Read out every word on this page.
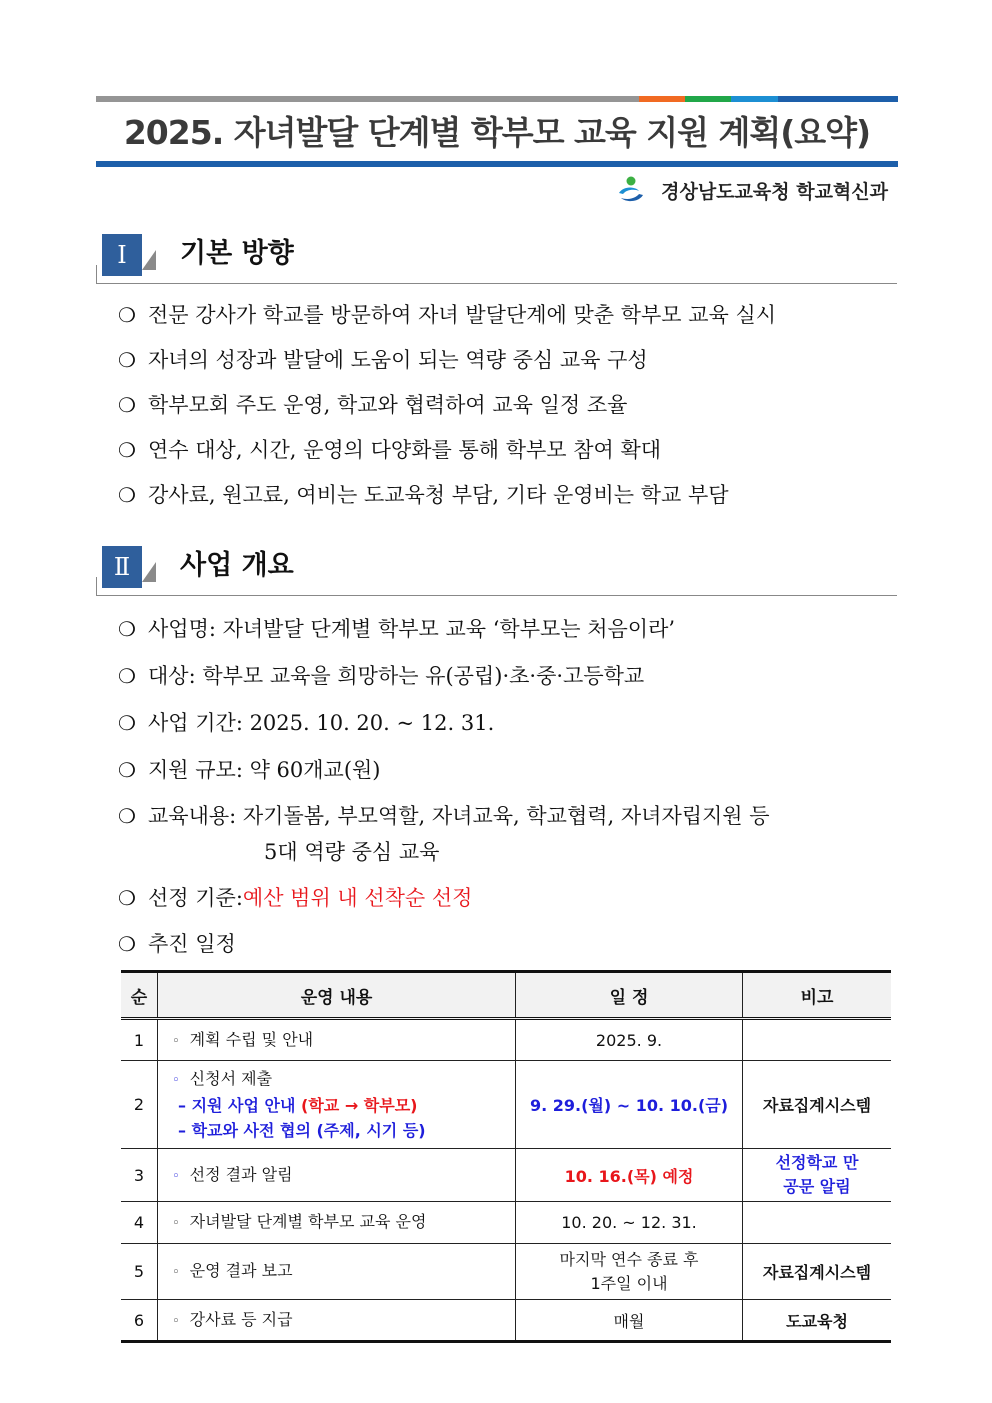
2025. 자녀발달 단계별 학부모 교육 지원 계획(요약)
경상남도교육청 학교혁신과
Ⅰ	기본 방향
❍ 전문 강사가 학교를 방문하여 자녀 발달단계에 맞춘 학부모 교육 실시
❍ 자녀의 성장과 발달에 도움이 되는 역량 중심 교육 구성
❍ 학부모회 주도 운영, 학교와 협력하여 교육 일정 조율
❍ 연수 대상, 시간, 운영의 다양화를 통해 학부모 참여 확대
❍ 강사료, 원고료, 여비는 도교육청 부담, 기타 운영비는 학교 부담
Ⅱ	사업 개요
❍ 사업명: 자녀발달 단계별 학부모 교육 ‘학부모는 처음이라’
❍ 대상: 학부모 교육을 희망하는 유(공립)·초·중·고등학교
❍ 사업 기간: 2025. 10. 20. ~ 12. 31.
❍ 지원 규모: 약 60개교(원)
❍ 교육내용: 자기돌봄, 부모역할, 자녀교육, 학교협력, 자녀자립지원 등
5대 역량 중심 교육
❍ 선정 기준: 예산 범위 내 선착순 선정
❍ 추진 일정
순	운영 내용	일 정	비고
1	◦ 계획 수립 및 안내	2025. 9.	
2	◦ 신청서 제출
– 지원 사업 안내 (학교 → 학부모)
– 학교와 사전 협의 (주제, 시기 등)	9. 29.(월) ~ 10. 10.(금)	자료집계시스템
3	◦ 선정 결과 알림	10. 16.(목) 예정	선정학교 만
공문 알림

4	◦ 자녀발달 단계별 학부모 교육 운영	10. 20. ~ 12. 31.	
5	◦ 운영 결과 보고	마지막 연수 종료 후
1주일 이내	자료집계시스템
6	◦ 강사료 등 지급	매월	도교육청
